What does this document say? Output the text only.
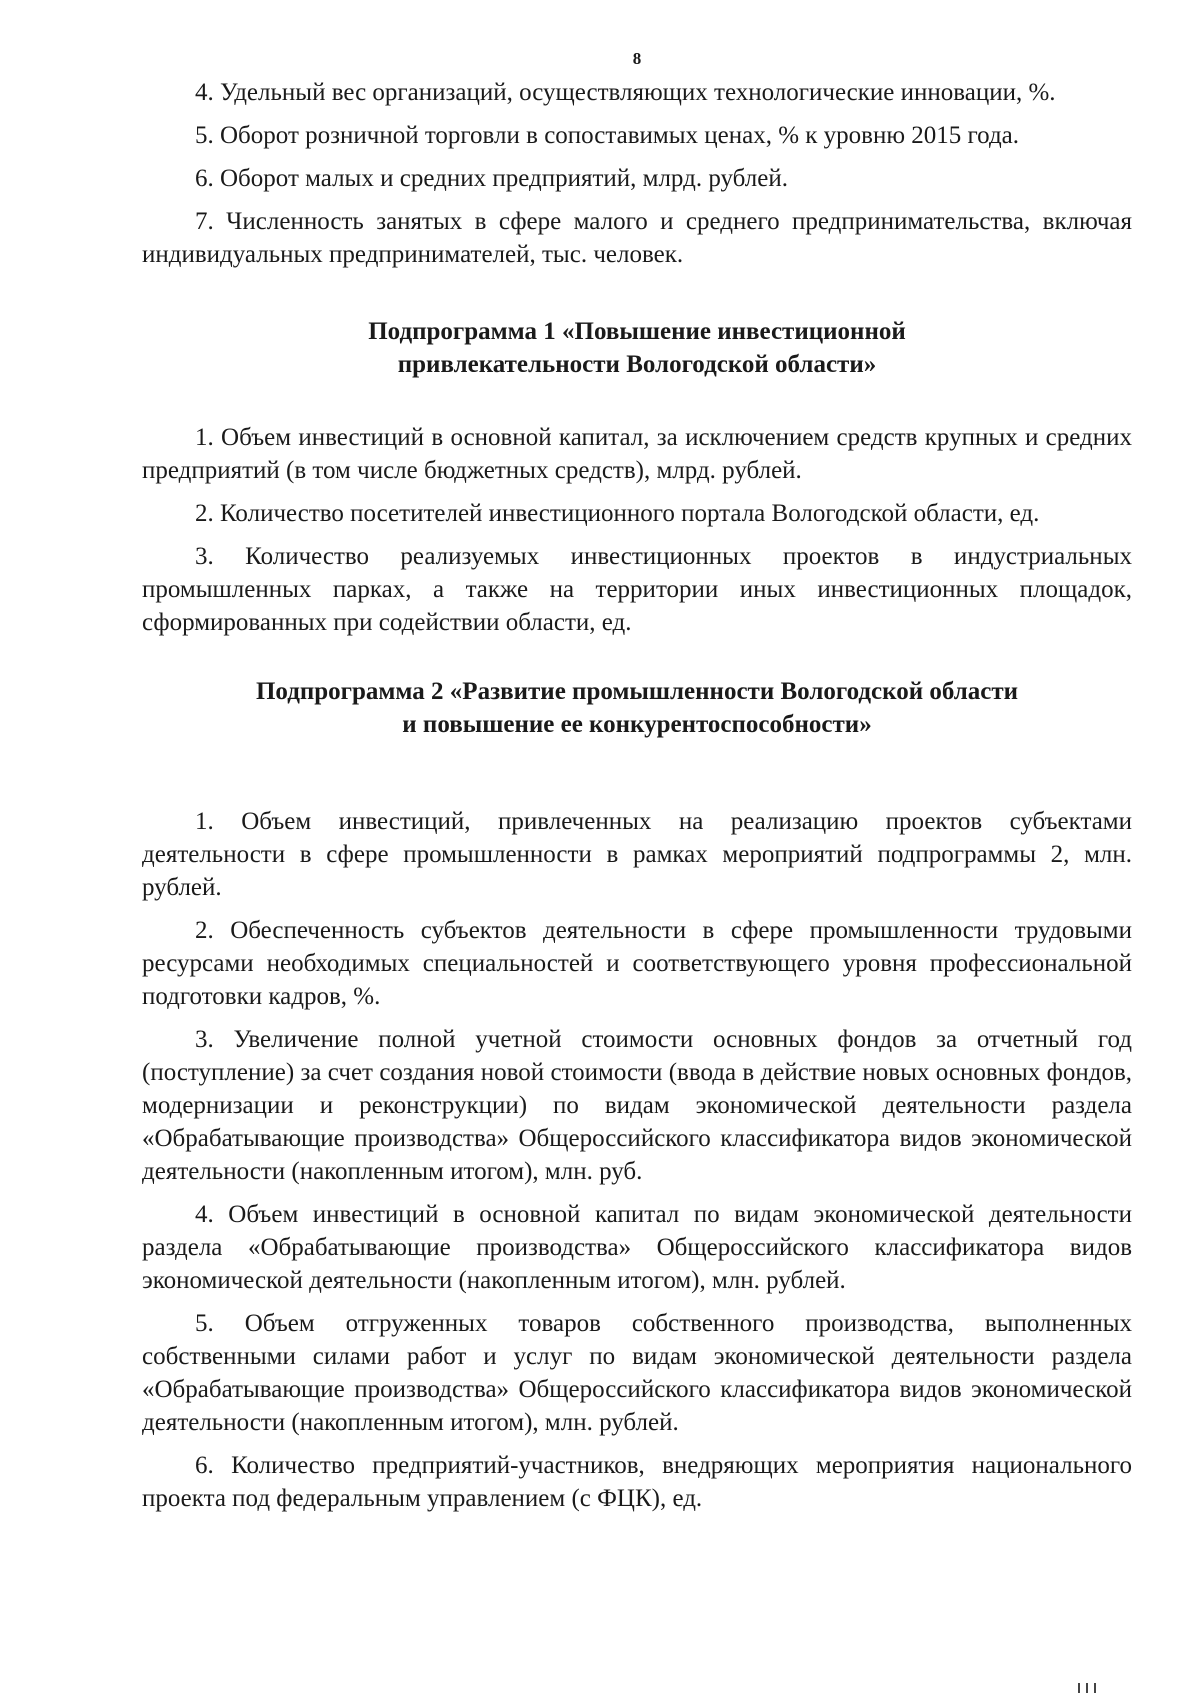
8

4. Удельный вес организаций, осуществляющих технологические инновации, %.

5. Оборот розничной торговли в сопоставимых ценах, % к уровню 2015 года.

6. Оборот малых и средних предприятий, млрд. рублей.

7. Численность занятых в сфере малого и среднего предпринимательства, включая индивидуальных предпринимателей, тыс. человек.

Подпрограмма 1 «Повышение инвестиционной
привлекательности Вологодской области»

1. Объем инвестиций в основной капитал, за исключением средств крупных и средних предприятий (в том числе бюджетных средств), млрд. рублей.

2. Количество посетителей инвестиционного портала Вологодской области, ед.

3. Количество реализуемых инвестиционных проектов в индустриальных промышленных парках, а также на территории иных инвестиционных площадок, сформированных при содействии области, ед.

Подпрограмма 2 «Развитие промышленности Вологодской области
и повышение ее конкурентоспособности»

1. Объем инвестиций, привлеченных на реализацию проектов субъектами деятельности в сфере промышленности в рамках мероприятий подпрограммы 2, млн. рублей.

2. Обеспеченность субъектов деятельности в сфере промышленности трудовыми ресурсами необходимых специальностей и соответствующего уровня профессиональной подготовки кадров, %.

3. Увеличение полной учетной стоимости основных фондов за отчетный год (поступление) за счет создания новой стоимости (ввода в действие новых основных фондов, модернизации и реконструкции) по видам экономической деятельности раздела «Обрабатывающие производства» Общероссийского классификатора видов экономической деятельности (накопленным итогом), млн. руб.

4. Объем инвестиций в основной капитал по видам экономической деятельности раздела «Обрабатывающие производства» Общероссийского классификатора видов экономической деятельности (накопленным итогом), млн. рублей.

5. Объем отгруженных товаров собственного производства, выполненных собственными силами работ и услуг по видам экономической деятельности раздела «Обрабатывающие производства» Общероссийского классификатора видов экономической деятельности (накопленным итогом), млн. рублей.

6. Количество предприятий-участников, внедряющих мероприятия национального проекта под федеральным управлением (с ФЦК), ед.
